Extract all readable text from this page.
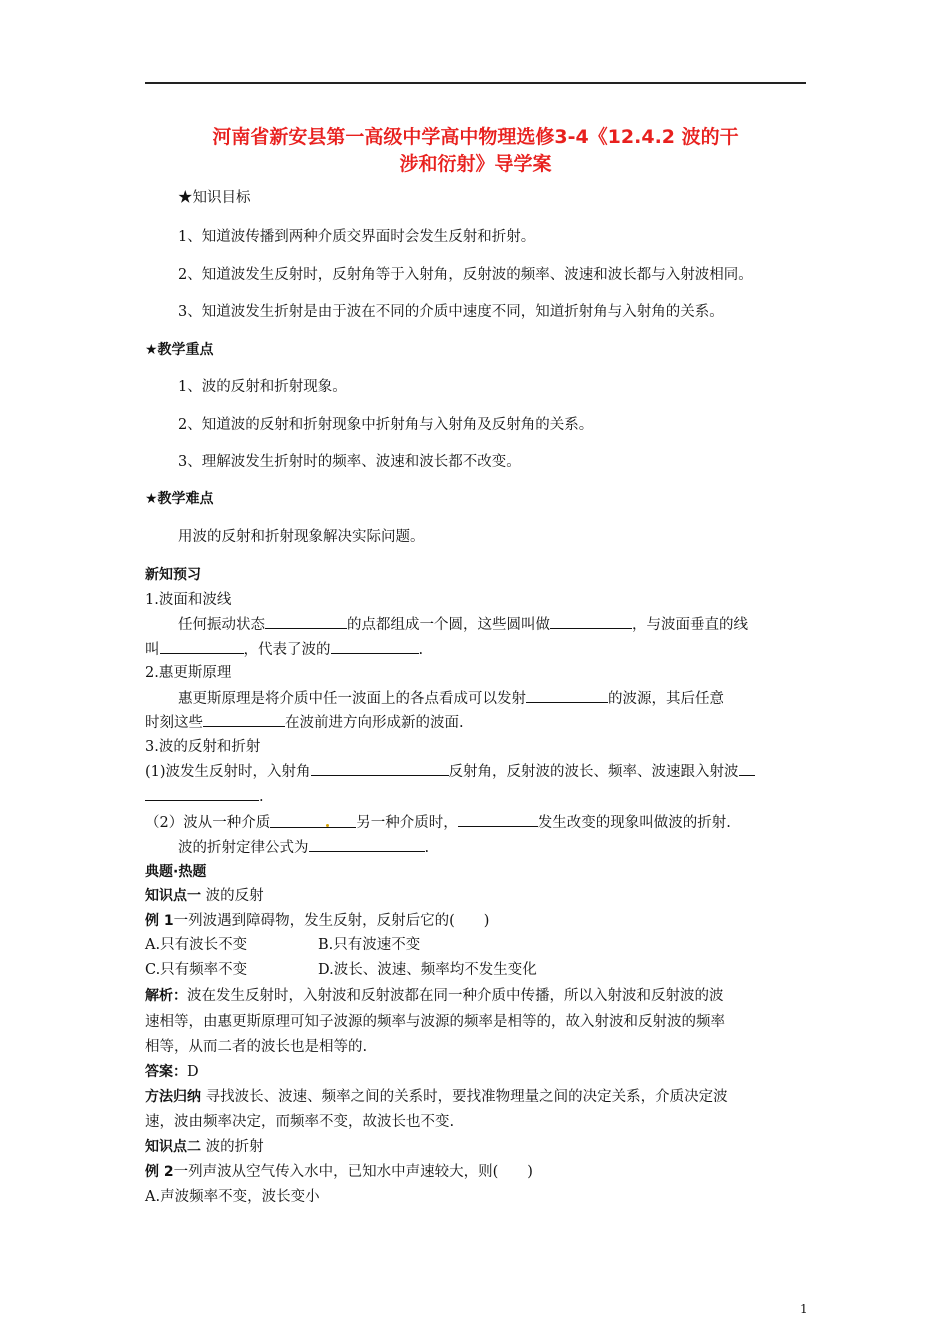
河南省新安县第一高级中学高中物理选修3-4《12.4.2 波的干
涉和衍射》导学案
★知识目标
1、知道波传播到两种介质交界面时会发生反射和折射。
2、知道波发生反射时，反射角等于入射角，反射波的频率、波速和波长都与入射波相同。
3、知道波发生折射是由于波在不同的介质中速度不同，知道折射角与入射角的关系。
★教学重点
1、波的反射和折射现象。
2、知道波的反射和折射现象中折射角与入射角及反射角的关系。
3、理解波发生折射时的频率、波速和波长都不改变。
★教学难点
用波的反射和折射现象解决实际问题。
新知预习
1.波面和波线
任何振动状态	的点都组成一个圆，这些圆叫做	，与波面垂直的线
叫	，代表了波的	.
2.惠更斯原理
惠更斯原理是将介质中任一波面上的各点看成可以发射	的波源，其后任意
时刻这些	在波前进方向形成新的波面.
3.波的反射和折射
(1)波发生反射时，入射角	反射角，反射波的波长、频率、波速跟入射波
.
（2）波从一种介质	另一种介质时，	发生改变的现象叫做波的折射.
波的折射定律公式为	.
典题·热题
知识点一 波的反射
例 1一列波遇到障碍物，发生反射，反射后它的(　　)
A.只有波长不变	B.只有波速不变
C.只有频率不变	D.波长、波速、频率均不发生变化
解析：波在发生反射时，入射波和反射波都在同一种介质中传播，所以入射波和反射波的波
速相等，由惠更斯原理可知子波源的频率与波源的频率是相等的，故入射波和反射波的频率
相等，从而二者的波长也是相等的.
答案：D
方法归纳 寻找波长、波速、频率之间的关系时，要找准物理量之间的决定关系，介质决定波
速，波由频率决定，而频率不变，故波长也不变.
知识点二 波的折射
例 2一列声波从空气传入水中，已知水中声速较大，则(　　)
A.声波频率不变，波长变小
1
